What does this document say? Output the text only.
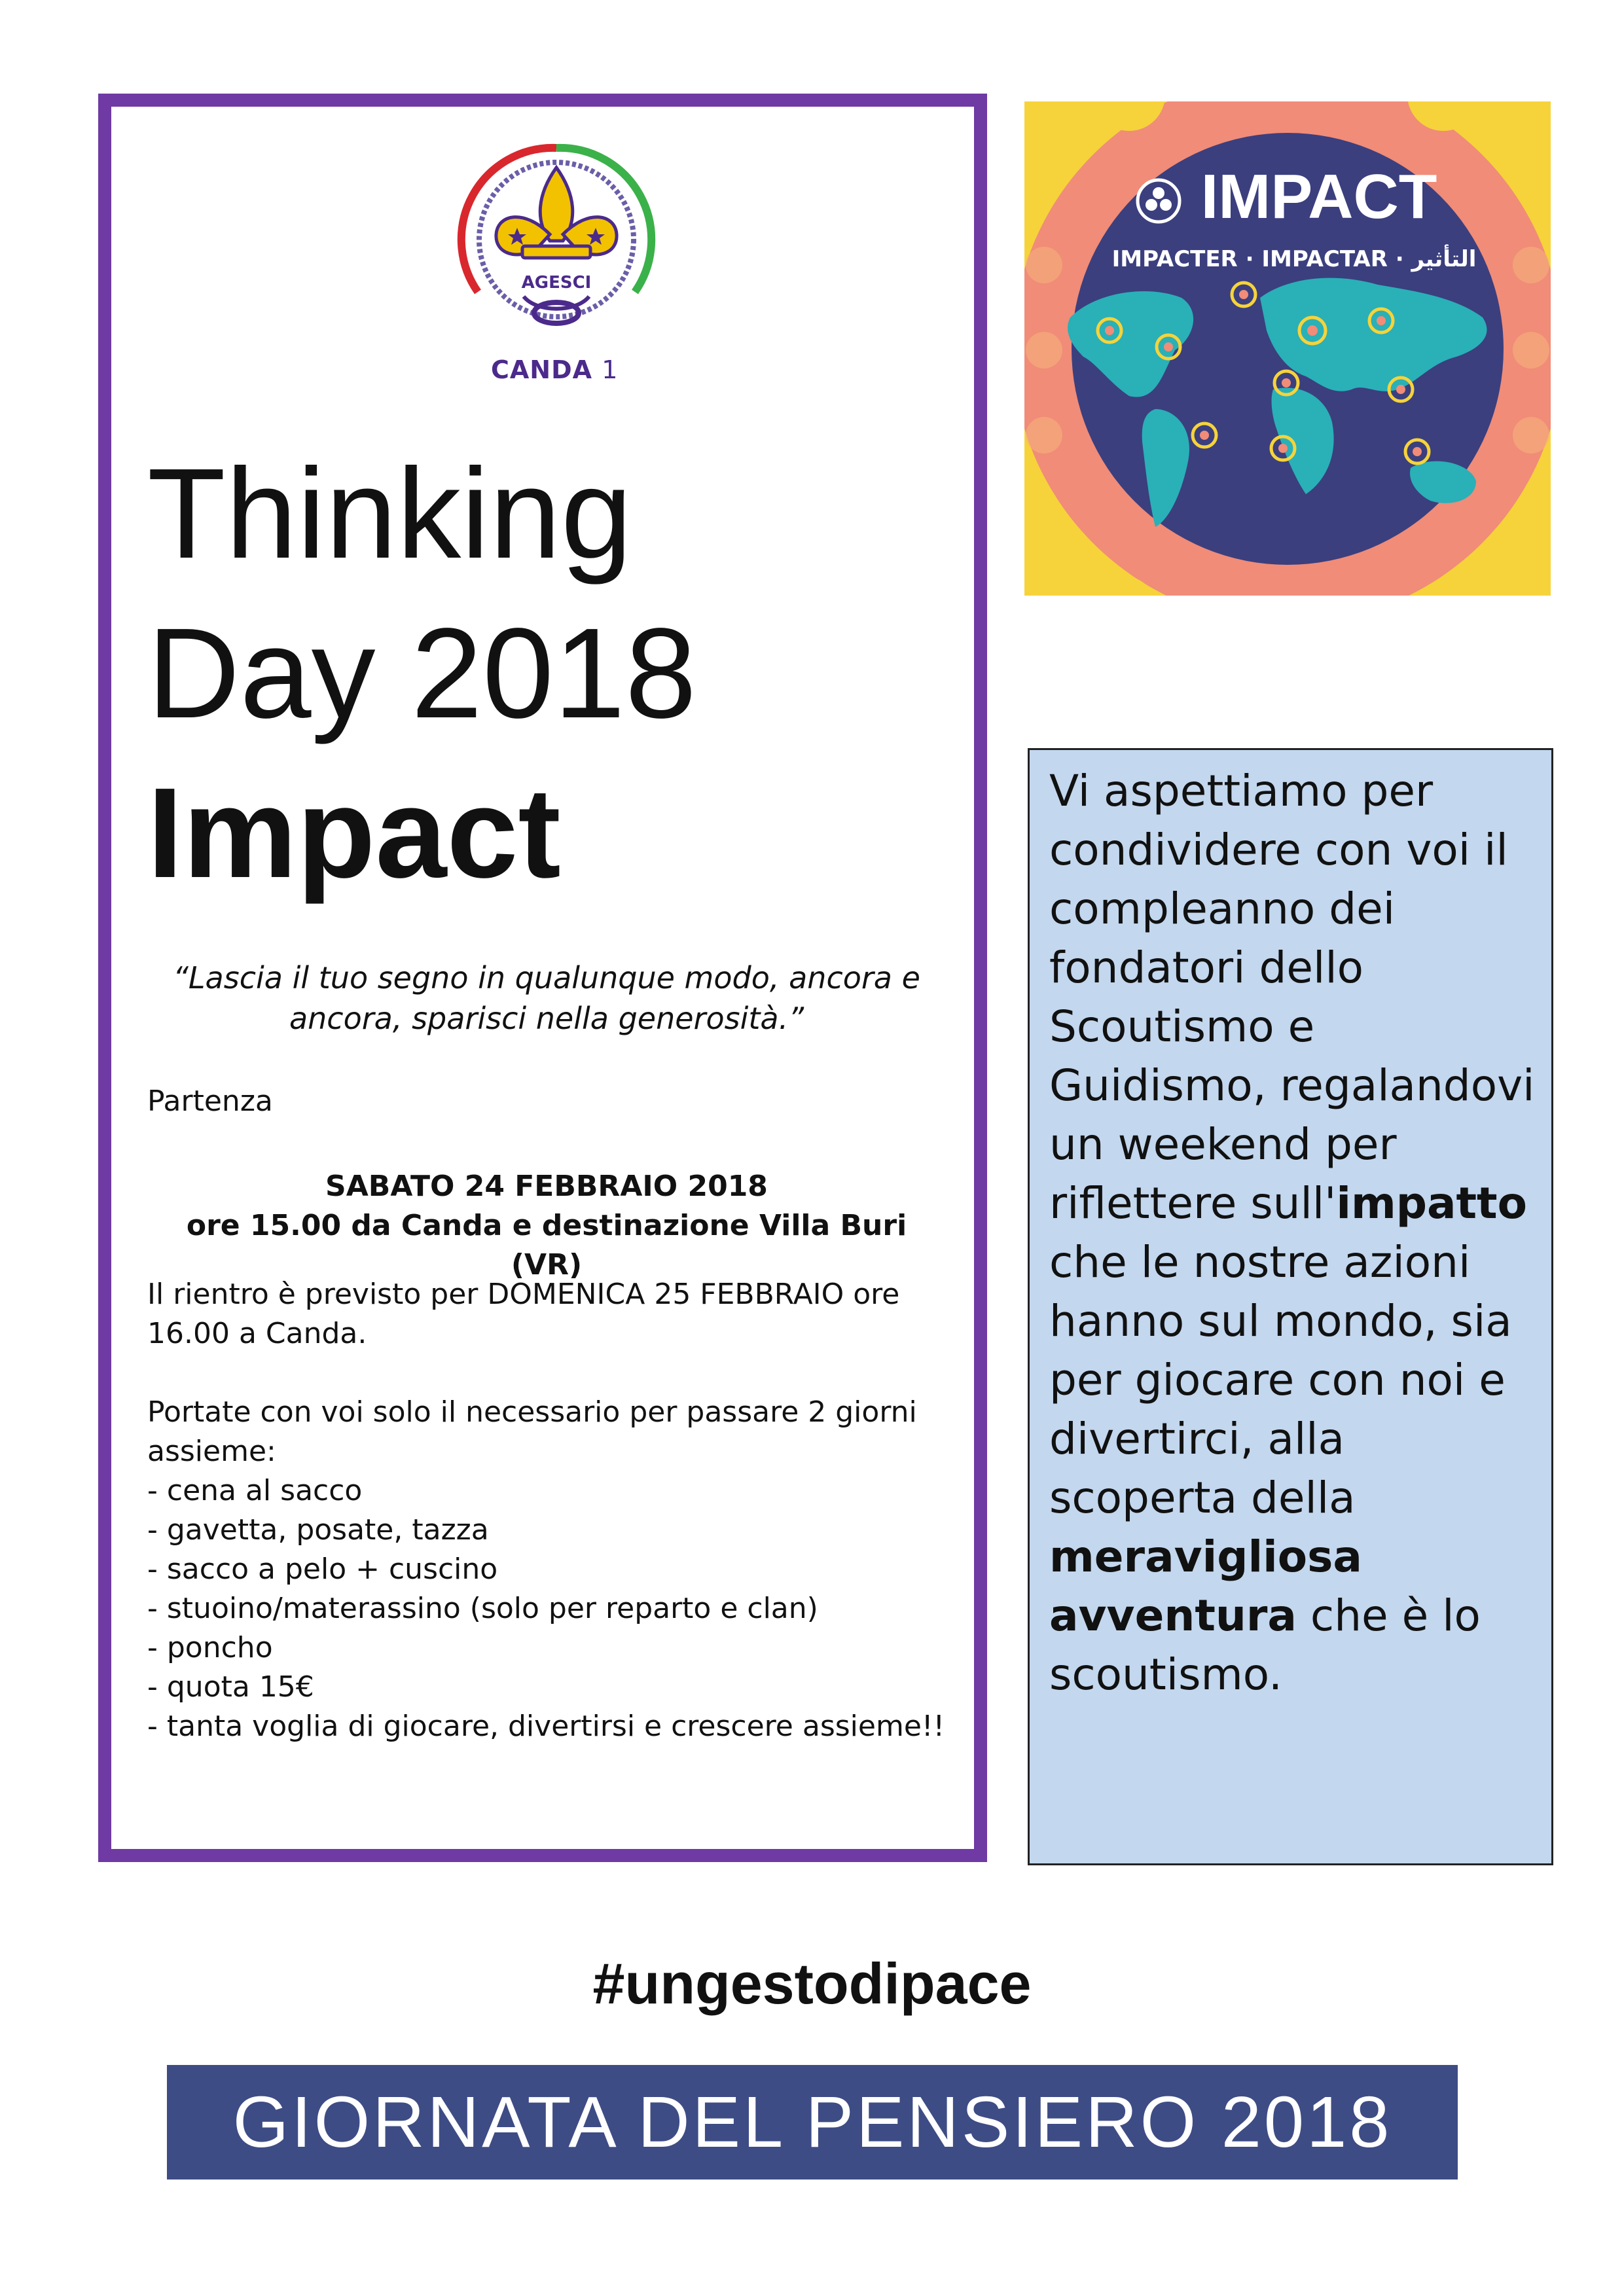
AGESCI
CANDA 1
Thinking
Day 2018
Impact
“Lascia il tuo segno in qualunque modo, ancora e ancora, sparisci nella generosità.”
Partenza
SABATO 24 FEBBRAIO 2018
ore 15.00 da Canda e destinazione Villa Buri (VR)
Il rientro è previsto per DOMENICA 25 FEBBRAIO ore 16.00 a Canda.
Portate con voi solo il necessario per passare 2 giorni assieme:
- cena al sacco
- gavetta, posate, tazza
- sacco a pelo + cuscino
- stuoino/materassino (solo per reparto e clan)
- poncho
- quota 15€
- tanta voglia di giocare, divertirsi e crescere assieme!!
IMPACT
IMPACTER · IMPACTAR · التأثير
Vi aspettiamo per condividere con voi il compleanno dei fondatori dello Scoutismo e Guidismo, regalandovi un weekend per riflettere sull'impatto che le nostre azioni hanno sul mondo, sia per giocare con noi e divertirci, alla scoperta della meravigliosa avventura che è lo scoutismo.
#ungestodipace
GIORNATA DEL PENSIERO 2018
